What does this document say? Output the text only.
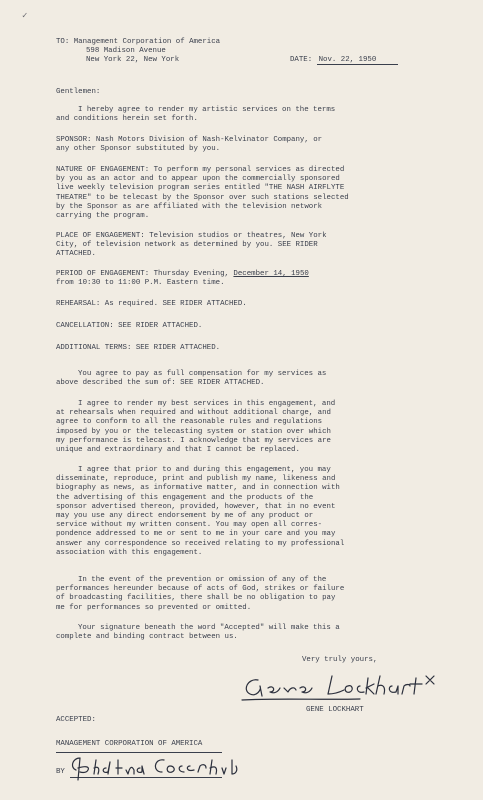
✓
TO: Management Corporation of America
598 Madison Avenue
New York 22, New York	DATE: Nov. 22, 1950
Gentlemen:
I hereby agree to render my artistic services on the terms
and conditions herein set forth.
SPONSOR: Nash Motors Division of Nash-Kelvinator Company, or
any other Sponsor substituted by you.
NATURE OF ENGAGEMENT: To perform my personal services as directed
by you as an actor and to appear upon the commercially sponsored
live weekly television program series entitled "THE NASH AIRFLYTE
THEATRE" to be telecast by the Sponsor over such stations selected
by the Sponsor as are affiliated with the television network
carrying the program.
PLACE OF ENGAGEMENT: Television studios or theatres, New York
City, of television network as determined by you. SEE RIDER
ATTACHED.
PERIOD OF ENGAGEMENT: Thursday Evening, December 14, 1950
from 10:30 to 11:00 P.M. Eastern time.
REHEARSAL: As required. SEE RIDER ATTACHED.
CANCELLATION: SEE RIDER ATTACHED.
ADDITIONAL TERMS: SEE RIDER ATTACHED.
You agree to pay as full compensation for my services as
above described the sum of: SEE RIDER ATTACHED.
I agree to render my best services in this engagement, and
at rehearsals when required and without additional charge, and
agree to conform to all the reasonable rules and regulations
imposed by you or the telecasting system or station over which
my performance is telecast. I acknowledge that my services are
unique and extraordinary and that I cannot be replaced.
I agree that prior to and during this engagement, you may
disseminate, reproduce, print and publish my name, likeness and
biography as news, as informative matter, and in connection with
the advertising of this engagement and the products of the
sponsor advertised thereon, provided, however, that in no event
may you use any direct endorsement by me of any product or
service without my written consent. You may open all corres-
pondence addressed to me or sent to me in your care and you may
answer any correspondence so received relating to my professional
association with this engagement.
In the event of the prevention or omission of any of the
performances hereunder because of acts of God, strikes or failure
of broadcasting facilities, there shall be no obligation to pay
me for performances so prevented or omitted.
Your signature beneath the word "Accepted" will make this a
complete and binding contract between us.
Very truly yours,
GENE LOCKHART
ACCEPTED:
MANAGEMENT CORPORATION OF AMERICA
BY
